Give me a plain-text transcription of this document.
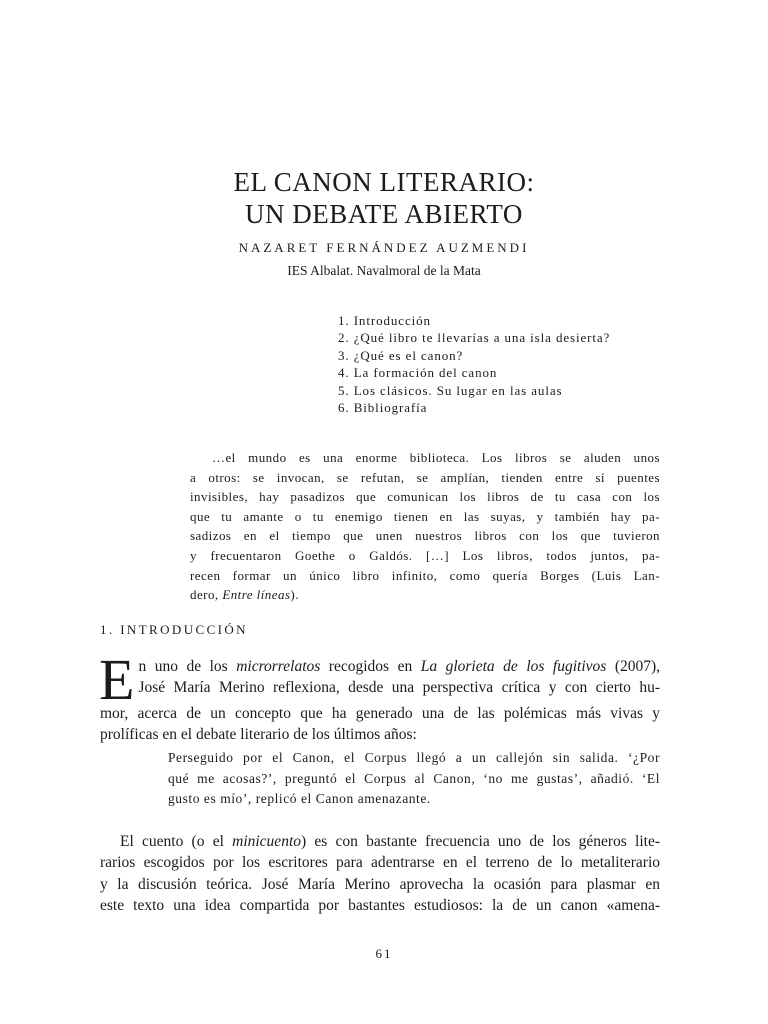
EL CANON LITERARIO:
UN DEBATE ABIERTO
NAZARET FERNÁNDEZ AUZMENDI
IES Albalat. Navalmoral de la Mata
1. Introducción
2. ¿Qué libro te llevarías a una isla desierta?
3. ¿Qué es el canon?
4. La formación del canon
5. Los clásicos. Su lugar en las aulas
6. Bibliografía
…el mundo es una enorme biblioteca. Los libros se aluden unos
a otros: se invocan, se refutan, se amplían, tienden entre sí puentes
invisibles, hay pasadizos que comunican los libros de tu casa con los
que tu amante o tu enemigo tienen en las suyas, y también hay pa-
sadizos en el tiempo que unen nuestros libros con los que tuvieron
y frecuentaron Goethe o Galdós. […] Los libros, todos juntos, pa-
recen formar un único libro infinito, como quería Borges (Luis Lan-
dero, Entre líneas).
1. INTRODUCCIÓN
E n uno de los microrrelatos recogidos en La glorieta de los fugitivos (2007),
José María Merino reflexiona, desde una perspectiva crítica y con cierto hu-
mor, acerca de un concepto que ha generado una de las polémicas más vivas y
prolíficas en el debate literario de los últimos años:
Perseguido por el Canon, el Corpus llegó a un callejón sin salida. ‘¿Por
qué me acosas?’, preguntó el Corpus al Canon, ‘no me gustas’, añadió. ‘El
gusto es mío’, replicó el Canon amenazante.
El cuento (o el minicuento) es con bastante frecuencia uno de los géneros lite-
rarios escogidos por los escritores para adentrarse en el terreno de lo metaliterario
y la discusión teórica. José María Merino aprovecha la ocasión para plasmar en
este texto una idea compartida por bastantes estudiosos: la de un canon «amena-
61
